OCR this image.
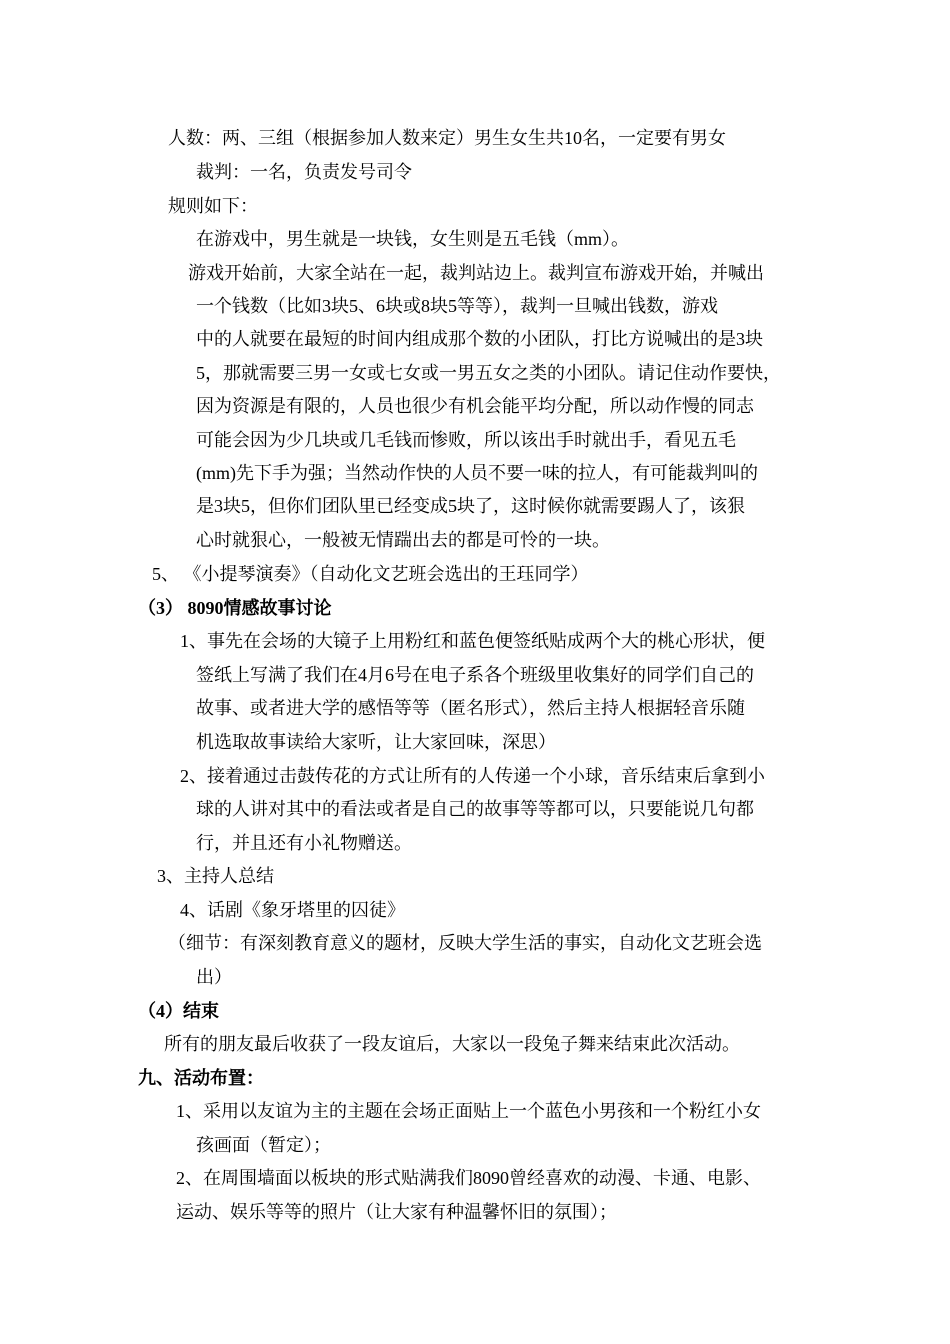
人数：两、三组（根据参加人数来定）男生女生共10名，一定要有男女
裁判：一名，负责发号司令
规则如下：
在游戏中，男生就是一块钱，女生则是五毛钱（mm）。
游戏开始前，大家全站在一起，裁判站边上。裁判宣布游戏开始，并喊出
一个钱数（比如3块5、6块或8块5等等），裁判一旦喊出钱数，游戏
中的人就要在最短的时间内组成那个数的小团队，打比方说喊出的是3块
5，那就需要三男一女或七女或一男五女之类的小团队。请记住动作要快，
因为资源是有限的，人员也很少有机会能平均分配，所以动作慢的同志
可能会因为少几块或几毛钱而惨败，所以该出手时就出手，看见五毛
(mm)先下手为强；当然动作快的人员不要一味的拉人，有可能裁判叫的
是3块5，但你们团队里已经变成5块了，这时候你就需要踢人了，该狠
心时就狠心，一般被无情踹出去的都是可怜的一块。
5、 《小提琴演奏》（自动化文艺班会选出的王珏同学）
（3） 8090情感故事讨论
1、事先在会场的大镜子上用粉红和蓝色便签纸贴成两个大的桃心形状，便
签纸上写满了我们在4月6号在电子系各个班级里收集好的同学们自己的
故事、或者进大学的感悟等等（匿名形式），然后主持人根据轻音乐随
机选取故事读给大家听，让大家回味，深思）
2、接着通过击鼓传花的方式让所有的人传递一个小球，音乐结束后拿到小
球的人讲对其中的看法或者是自己的故事等等都可以，只要能说几句都
行，并且还有小礼物赠送。
3、主持人总结
4、话剧《象牙塔里的囚徒》
（细节：有深刻教育意义的题材，反映大学生活的事实，自动化文艺班会选
出）
（4）结束
所有的朋友最后收获了一段友谊后，大家以一段兔子舞来结束此次活动。
九、活动布置：
1、采用以友谊为主的主题在会场正面贴上一个蓝色小男孩和一个粉红小女
孩画面（暂定）；
2、在周围墙面以板块的形式贴满我们8090曾经喜欢的动漫、卡通、电影、
运动、娱乐等等的照片（让大家有种温馨怀旧的氛围）；
